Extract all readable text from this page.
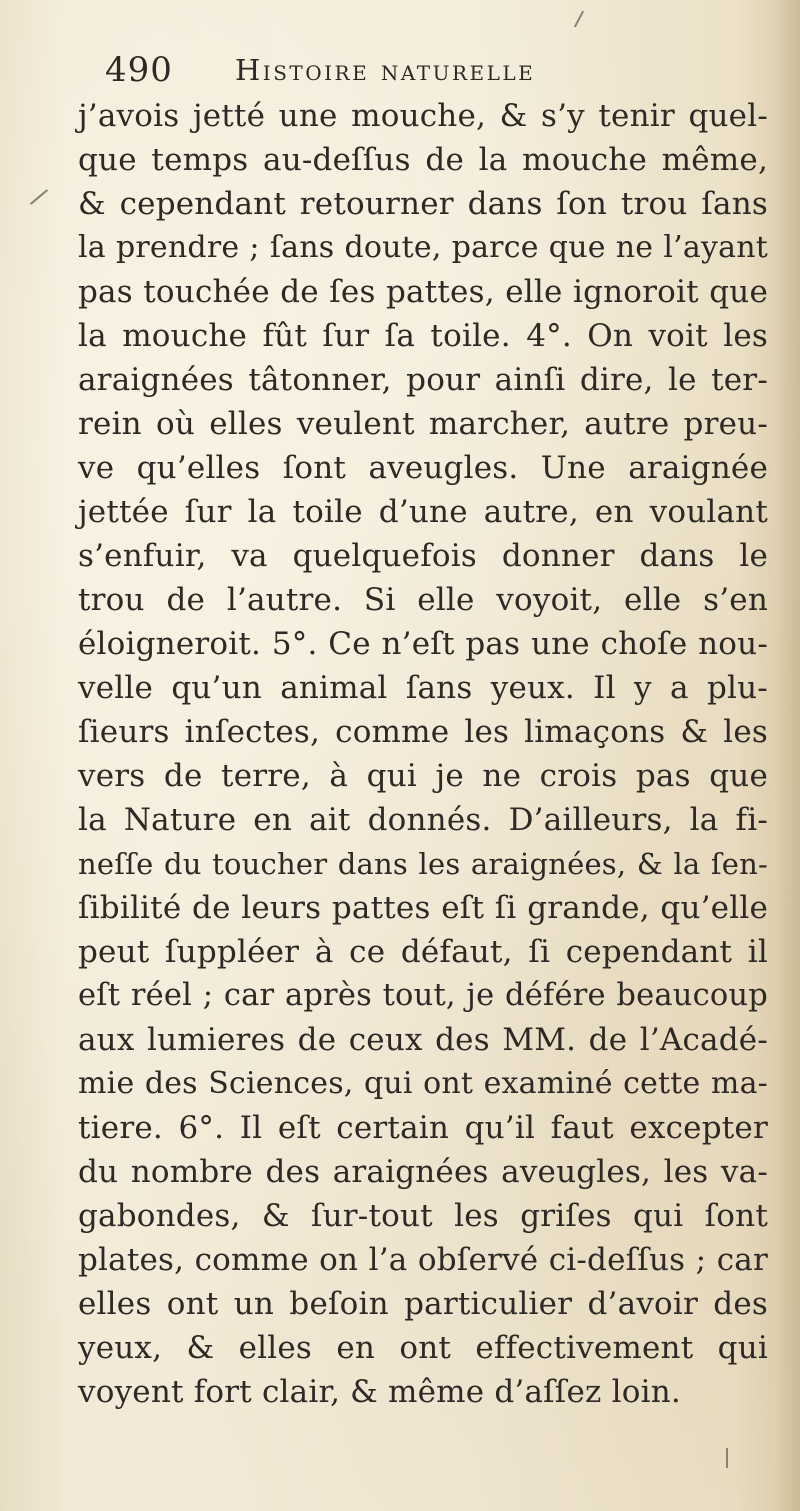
490 Histoire naturelle
j’avois jetté une mouche, & s’y tenir quel-
que temps au-deſſus de la mouche même,
& cependant retourner dans ſon trou ſans
la prendre ; ſans doute, parce que ne l’ayant
pas touchée de ſes pattes, elle ignoroit que
la mouche fût ſur ſa toile. 4°. On voit les
araignées tâtonner, pour ainſi dire, le ter-
rein où elles veulent marcher, autre preu-
ve qu’elles ſont aveugles. Une araignée
jettée ſur la toile d’une autre, en voulant
s’enfuir, va quelquefois donner dans le
trou de l’autre. Si elle voyoit, elle s’en
éloigneroit. 5°. Ce n’eſt pas une choſe nou-
velle qu’un animal ſans yeux. Il y a plu-
ſieurs inſectes, comme les limaçons & les
vers de terre, à qui je ne crois pas que
la Nature en ait donnés. D’ailleurs, la fi-
neſſe du toucher dans les araignées, & la ſen-
ſibilité de leurs pattes eſt ſi grande, qu’elle
peut ſuppléer à ce défaut, ſi cependant il
eſt réel ; car après tout, je défére beaucoup
aux lumieres de ceux des MM. de l’Acadé-
mie des Sciences, qui ont examiné cette ma-
tiere. 6°. Il eſt certain qu’il faut excepter
du nombre des araignées aveugles, les va-
gabondes, & ſur-tout les griſes qui ſont
plates, comme on l’a obſervé ci-deſſus ; car
elles ont un beſoin particulier d’avoir des
yeux, & elles en ont effectivement qui
voyent fort clair, & même d’aſſez loin.
